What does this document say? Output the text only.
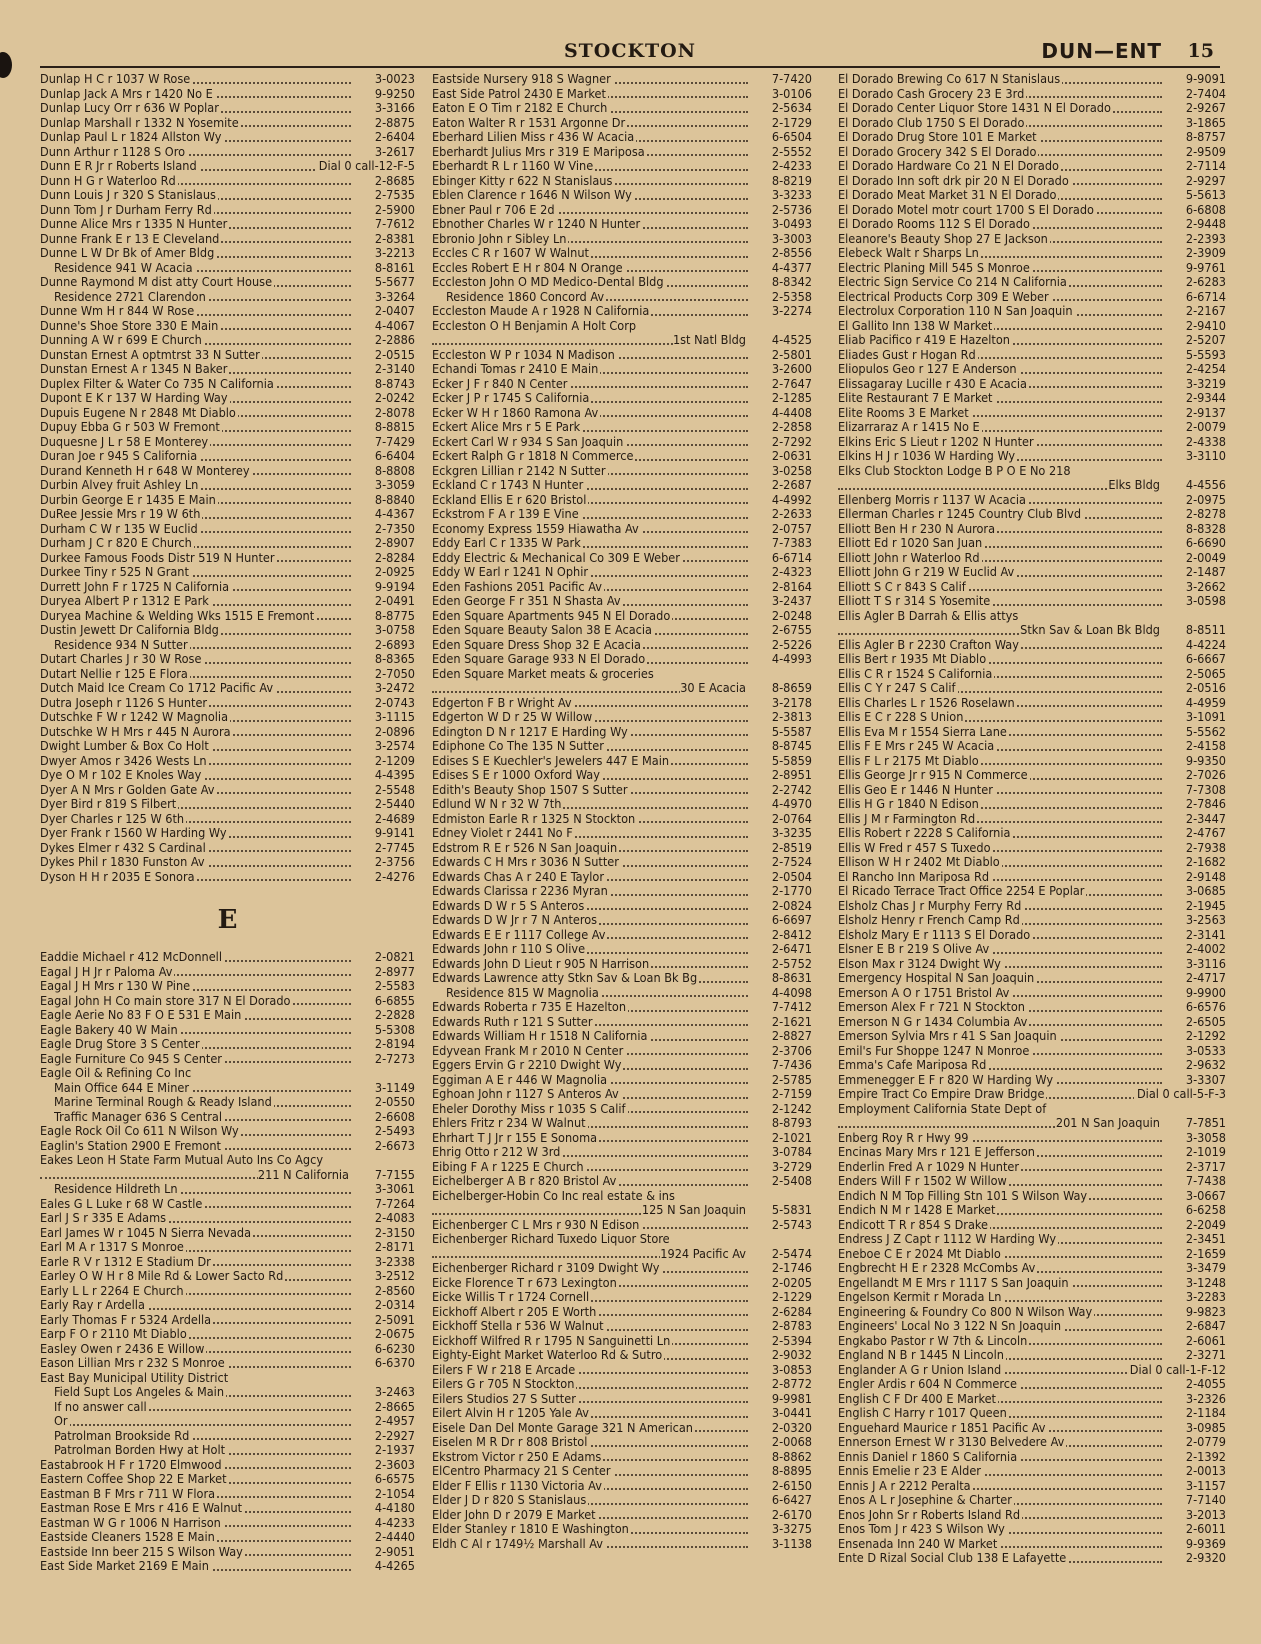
STOCKTON	DUN—ENT 15
Dunlap H C r 1037 W Rose	3-0023
Dunlap Jack A Mrs r 1420 No E	9-9250
Dunlap Lucy Orr r 636 W Poplar	3-3166
Dunlap Marshall r 1332 N Yosemite	2-8875
Dunlap Paul L r 1824 Allston Wy	2-6404
Dunn Arthur r 1128 S Oro	3-2617
Dunn E R Jr r Roberts Island	Dial 0 call-12-F-5
Dunn H G r Waterloo Rd	2-8685
Dunn Louis J r 320 S Stanislaus	2-7535
Dunn Tom J r Durham Ferry Rd	2-5900
Dunne Alice Mrs r 1335 N Hunter	7-7612
Dunne Frank E r 13 E Cleveland	2-8381
Dunne L W Dr Bk of Amer Bldg	3-2213
Residence 941 W Acacia	8-8161
Dunne Raymond M dist atty Court House	5-5677
Residence 2721 Clarendon	3-3264
Dunne Wm H r 844 W Rose	2-0407
Dunne's Shoe Store 330 E Main	4-4067
Dunning A W r 699 E Church	2-2886
Dunstan Ernest A optmtrst 33 N Sutter	2-0515
Dunstan Ernest A r 1345 N Baker	2-3140
Duplex Filter & Water Co 735 N California	8-8743
Dupont E K r 137 W Harding Way	2-0242
Dupuis Eugene N r 2848 Mt Diablo	2-8078
Dupuy Ebba G r 503 W Fremont	8-8815
Duquesne J L r 58 E Monterey	7-7429
Duran Joe r 945 S California	6-6404
Durand Kenneth H r 648 W Monterey	8-8808
Durbin Alvey fruit Ashley Ln	3-3059
Durbin George E r 1435 E Main	8-8840
DuRee Jessie Mrs r 19 W 6th	4-4367
Durham C W r 135 W Euclid	2-7350
Durham J C r 820 E Church	2-8907
Durkee Famous Foods Distr 519 N Hunter	2-8284
Durkee Tiny r 525 N Grant	2-0925
Durrett John F r 1725 N California	9-9194
Duryea Albert P r 1312 E Park	2-0491
Duryea Machine & Welding Wks 1515 E Fremont	8-8775
Dustin Jewett Dr California Bldg	3-0758
Residence 934 N Sutter	2-6893
Dutart Charles J r 30 W Rose	8-8365
Dutart Nellie r 125 E Flora	2-7050
Dutch Maid Ice Cream Co 1712 Pacific Av	3-2472
Dutra Joseph r 1126 S Hunter	2-0743
Dutschke F W r 1242 W Magnolia	3-1115
Dutschke W H Mrs r 445 N Aurora	2-0896
Dwight Lumber & Box Co Holt	3-2574
Dwyer Amos r 3426 Wests Ln	2-1209
Dye O M r 102 E Knoles Way	4-4395
Dyer A N Mrs r Golden Gate Av	2-5548
Dyer Bird r 819 S Filbert	2-5440
Dyer Charles r 125 W 6th	2-4689
Dyer Frank r 1560 W Harding Wy	9-9141
Dykes Elmer r 432 S Cardinal	2-7745
Dykes Phil r 1830 Funston Av	2-3756
Dyson H H r 2035 E Sonora	2-4276
E
Eaddie Michael r 412 McDonnell	2-0821
Eagal J H Jr r Paloma Av	2-8977
Eagal J H Mrs r 130 W Pine	2-5583
Eagal John H Co main store 317 N El Dorado	6-6855
Eagle Aerie No 83 F O E 531 E Main	2-2828
Eagle Bakery 40 W Main	5-5308
Eagle Drug Store 3 S Center	2-8194
Eagle Furniture Co 945 S Center	2-7273
Eagle Oil & Refining Co Inc
Main Office 644 E Miner	3-1149
Marine Terminal Rough & Ready Island	2-0550
Traffic Manager 636 S Central	2-6608
Eagle Rock Oil Co 611 N Wilson Wy	2-5493
Eaglin's Station 2900 E Fremont	2-6673
Eakes Leon H State Farm Mutual Auto Ins Co Agcy
211 N California 7-7155
Residence Hildreth Ln	3-3061
Eales G L Luke r 68 W Castle	7-7264
Earl J S r 335 E Adams	2-4083
Earl James W r 1045 N Sierra Nevada	2-3150
Earl M A r 1317 S Monroe	2-8171
Earle R V r 1312 E Stadium Dr	3-2338
Earley O W H r 8 Mile Rd & Lower Sacto Rd	3-2512
Early L L r 2264 E Church	2-8560
Early Ray r Ardella	2-0314
Early Thomas F r 5324 Ardella	2-5091
Earp F O r 2110 Mt Diablo	2-0675
Easley Owen r 2436 E Willow	6-6230
Eason Lillian Mrs r 232 S Monroe	6-6370
East Bay Municipal Utility District
Field Supt Los Angeles & Main	3-2463
If no answer call	2-8665
Or	2-4957
Patrolman Brookside Rd	2-2927
Patrolman Borden Hwy at Holt	2-1937
Eastabrook H F r 1720 Elmwood	2-3603
Eastern Coffee Shop 22 E Market	6-6575
Eastman B F Mrs r 711 W Flora	2-1054
Eastman Rose E Mrs r 416 E Walnut	4-4180
Eastman W G r 1006 N Harrison	4-4233
Eastside Cleaners 1528 E Main	2-4440
Eastside Inn beer 215 S Wilson Way	2-9051
East Side Market 2169 E Main	4-4265
Eastside Nursery 918 S Wagner	7-7420
East Side Patrol 2430 E Market	3-0106
Eaton E O Tim r 2182 E Church	2-5634
Eaton Walter R r 1531 Argonne Dr	2-1729
Eberhard Lilien Miss r 436 W Acacia	6-6504
Eberhardt Julius Mrs r 319 E Mariposa	2-5552
Eberhardt R L r 1160 W Vine	2-4233
Ebinger Kitty r 622 N Stanislaus	8-8219
Eblen Clarence r 1646 N Wilson Wy	3-3233
Ebner Paul r 706 E 2d	2-5736
Ebnother Charles W r 1240 N Hunter	3-0493
Ebronio John r Sibley Ln	3-3003
Eccles C R r 1607 W Walnut	2-8556
Eccles Robert E H r 804 N Orange	4-4377
Eccleston John O MD Medico-Dental Bldg	8-8342
Residence 1860 Concord Av	2-5358
Eccleston Maude A r 1928 N California	3-2274
Eccleston O H Benjamin A Holt Corp
1st Natl Bldg 4-4525
Eccleston W P r 1034 N Madison	2-5801
Echandi Tomas r 2410 E Main	3-2600
Ecker J F r 840 N Center	2-7647
Ecker J P r 1745 S California	2-1285
Ecker W H r 1860 Ramona Av	4-4408
Eckert Alice Mrs r 5 E Park	2-2858
Eckert Carl W r 934 S San Joaquin	2-7292
Eckert Ralph G r 1818 N Commerce	2-0631
Eckgren Lillian r 2142 N Sutter	3-0258
Eckland C r 1743 N Hunter	2-2687
Eckland Ellis E r 620 Bristol	4-4992
Eckstrom F A r 139 E Vine	2-2633
Economy Express 1559 Hiawatha Av	2-0757
Eddy Earl C r 1335 W Park	7-7383
Eddy Electric & Mechanical Co 309 E Weber	6-6714
Eddy W Earl r 1241 N Ophir	2-4323
Eden Fashions 2051 Pacific Av	2-8164
Eden George F r 351 N Shasta Av	3-2437
Eden Square Apartments 945 N El Dorado	2-0248
Eden Square Beauty Salon 38 E Acacia	2-6755
Eden Square Dress Shop 32 E Acacia	2-5226
Eden Square Garage 933 N El Dorado	4-4993
Eden Square Market meats & groceries
30 E Acacia 8-8659
Edgerton F B r Wright Av	3-2178
Edgerton W D r 25 W Willow	2-3813
Edington D N r 1217 E Harding Wy	5-5587
Ediphone Co The 135 N Sutter	8-8745
Edises S E Kuechler's Jewelers 447 E Main	5-5859
Edises S E r 1000 Oxford Way	2-8951
Edith's Beauty Shop 1507 S Sutter	2-2742
Edlund W N r 32 W 7th	4-4970
Edmiston Earle R r 1325 N Stockton	2-0764
Edney Violet r 2441 No F	3-3235
Edstrom R E r 526 N San Joaquin	2-8519
Edwards C H Mrs r 3036 N Sutter	2-7524
Edwards Chas A r 240 E Taylor	2-0504
Edwards Clarissa r 2236 Myran	2-1770
Edwards D W r 5 S Anteros	2-0824
Edwards D W Jr r 7 N Anteros	6-6697
Edwards E E r 1117 College Av	2-8412
Edwards John r 110 S Olive	2-6471
Edwards John D Lieut r 905 N Harrison	2-5752
Edwards Lawrence atty Stkn Sav & Loan Bk Bg	8-8631
Residence 815 W Magnolia	4-4098
Edwards Roberta r 735 E Hazelton	7-7412
Edwards Ruth r 121 S Sutter	2-1621
Edwards William H r 1518 N California	2-8827
Edyvean Frank M r 2010 N Center	2-3706
Eggers Ervin G r 2210 Dwight Wy	7-7436
Eggiman A E r 446 W Magnolia	2-5785
Eghoan John r 1127 S Anteros Av	2-7159
Eheler Dorothy Miss r 1035 S Calif	2-1242
Ehlers Fritz r 234 W Walnut	8-8793
Ehrhart T J Jr r 155 E Sonoma	2-1021
Ehrig Otto r 212 W 3rd	3-0784
Eibing F A r 1225 E Church	3-2729
Eichelberger A B r 820 Bristol Av	2-5408
Eichelberger-Hobin Co Inc real estate & ins
125 N San Joaquin 5-5831
Eichenberger C L Mrs r 930 N Edison	2-5743
Eichenberger Richard Tuxedo Liquor Store
1924 Pacific Av 2-5474
Eichenberger Richard r 3109 Dwight Wy	2-1746
Eicke Florence T r 673 Lexington	2-0205
Eicke Willis T r 1724 Cornell	2-1229
Eickhoff Albert r 205 E Worth	2-6284
Eickhoff Stella r 536 W Walnut	2-8783
Eickhoff Wilfred R r 1795 N Sanguinetti Ln	2-5394
Eighty-Eight Market Waterloo Rd & Sutro	2-9032
Eilers F W r 218 E Arcade	3-0853
Eilers G r 705 N Stockton	2-8772
Eilers Studios 27 S Sutter	9-9981
Eilert Alvin H r 1205 Yale Av	3-0441
Eisele Dan Del Monte Garage 321 N American	2-0320
Eiselen M R Dr r 808 Bristol	2-0068
Ekstrom Victor r 250 E Adams	8-8862
ElCentro Pharmacy 21 S Center	8-8895
Elder F Ellis r 1130 Victoria Av	2-6150
Elder J D r 820 S Stanislaus	6-6427
Elder John D r 2079 E Market	2-6170
Elder Stanley r 1810 E Washington	3-3275
Eldh C Al r 1749½ Marshall Av	3-1138
El Dorado Brewing Co 617 N Stanislaus	9-9091
El Dorado Cash Grocery 23 E 3rd	2-7404
El Dorado Center Liquor Store 1431 N El Dorado	2-9267
El Dorado Club 1750 S El Dorado	3-1865
El Dorado Drug Store 101 E Market	8-8757
El Dorado Grocery 342 S El Dorado	2-9509
El Dorado Hardware Co 21 N El Dorado	2-7114
El Dorado Inn soft drk pir 20 N El Dorado	2-9297
El Dorado Meat Market 31 N El Dorado	5-5613
El Dorado Motel motr court 1700 S El Dorado	6-6808
El Dorado Rooms 112 S El Dorado	2-9448
Eleanore's Beauty Shop 27 E Jackson	2-2393
Elebeck Walt r Sharps Ln	2-3909
Electric Planing Mill 545 S Monroe	9-9761
Electric Sign Service Co 214 N California	2-6283
Electrical Products Corp 309 E Weber	6-6714
Electrolux Corporation 110 N San Joaquin	2-2167
El Gallito Inn 138 W Market	2-9410
Eliab Pacifico r 419 E Hazelton	2-5207
Eliades Gust r Hogan Rd	5-5593
Eliopulos Geo r 127 E Anderson	2-4254
Elissagaray Lucille r 430 E Acacia	3-3219
Elite Restaurant 7 E Market	2-9344
Elite Rooms 3 E Market	2-9137
Elizarraraz A r 1415 No E	2-0079
Elkins Eric S Lieut r 1202 N Hunter	2-4338
Elkins H J r 1036 W Harding Wy	3-3110
Elks Club Stockton Lodge B P O E No 218
Elks Bldg 4-4556
Ellenberg Morris r 1137 W Acacia	2-0975
Ellerman Charles r 1245 Country Club Blvd	2-8278
Elliott Ben H r 230 N Aurora	8-8328
Elliott Ed r 1020 San Juan	6-6690
Elliott John r Waterloo Rd	2-0049
Elliott John G r 219 W Euclid Av	2-1487
Elliott S C r 843 S Calif	3-2662
Elliott T S r 314 S Yosemite	3-0598
Ellis Agler B Darrah & Ellis attys
Stkn Sav & Loan Bk Bldg 8-8511
Ellis Agler B r 2230 Crafton Way	4-4224
Ellis Bert r 1935 Mt Diablo	6-6667
Ellis C R r 1524 S California	2-5065
Ellis C Y r 247 S Calif	2-0516
Ellis Charles L r 1526 Roselawn	4-4959
Ellis E C r 228 S Union	3-1091
Ellis Eva M r 1554 Sierra Lane	5-5562
Ellis F E Mrs r 245 W Acacia	2-4158
Ellis F L r 2175 Mt Diablo	9-9350
Ellis George Jr r 915 N Commerce	2-7026
Ellis Geo E r 1446 N Hunter	7-7308
Ellis H G r 1840 N Edison	2-7846
Ellis J M r Farmington Rd	2-3447
Ellis Robert r 2228 S California	2-4767
Ellis W Fred r 457 S Tuxedo	2-7938
Ellison W H r 2402 Mt Diablo	2-1682
El Rancho Inn Mariposa Rd	2-9148
El Ricado Terrace Tract Office 2254 E Poplar	3-0685
Elsholz Chas J r Murphy Ferry Rd	2-1945
Elsholz Henry r French Camp Rd	3-2563
Elsholz Mary E r 1113 S El Dorado	2-3141
Elsner E B r 219 S Olive Av	2-4002
Elson Max r 3124 Dwight Wy	3-3116
Emergency Hospital N San Joaquin	2-4717
Emerson A O r 1751 Bristol Av	9-9900
Emerson Alex F r 721 N Stockton	6-6576
Emerson N G r 1434 Columbia Av	2-6505
Emerson Sylvia Mrs r 41 S San Joaquin	2-1292
Emil's Fur Shoppe 1247 N Monroe	3-0533
Emma's Cafe Mariposa Rd	2-9632
Emmenegger E F r 820 W Harding Wy	3-3307
Empire Tract Co Empire Draw Bridge	Dial 0 call-5-F-3
Employment California State Dept of
201 N San Joaquin 7-7851
Enberg Roy R r Hwy 99	3-3058
Encinas Mary Mrs r 121 E Jefferson	2-1019
Enderlin Fred A r 1029 N Hunter	2-3717
Enders Will F r 1502 W Willow	7-7438
Endich N M Top Filling Stn 101 S Wilson Way	3-0667
Endich N M r 1428 E Market	6-6258
Endicott T R r 854 S Drake	2-2049
Endress J Z Capt r 1112 W Harding Wy	2-3451
Eneboe C E r 2024 Mt Diablo	2-1659
Engbrecht H E r 2328 McCombs Av	3-3479
Engellandt M E Mrs r 1117 S San Joaquin	3-1248
Engelson Kermit r Morada Ln	3-2283
Engineering & Foundry Co 800 N Wilson Way	9-9823
Engineers' Local No 3 122 N Sn Joaquin	2-6847
Engkabo Pastor r W 7th & Lincoln	2-6061
England N B r 1445 N Lincoln	2-3271
Englander A G r Union Island	Dial 0 call-1-F-12
Engler Ardis r 604 N Commerce	2-4055
English C F Dr 400 E Market	3-2326
English C Harry r 1017 Queen	2-1184
Enguehard Maurice r 1851 Pacific Av	3-0985
Ennerson Ernest W r 3130 Belvedere Av	2-0779
Ennis Daniel r 1860 S California	2-1392
Ennis Emelie r 23 E Alder	2-0013
Ennis J A r 2212 Peralta	3-1157
Enos A L r Josephine & Charter	7-7140
Enos John Sr r Roberts Island Rd	3-2013
Enos Tom J r 423 S Wilson Wy	2-6011
Ensenada Inn 240 W Market	9-9369
Ente D Rizal Social Club 138 E Lafayette	2-9320
